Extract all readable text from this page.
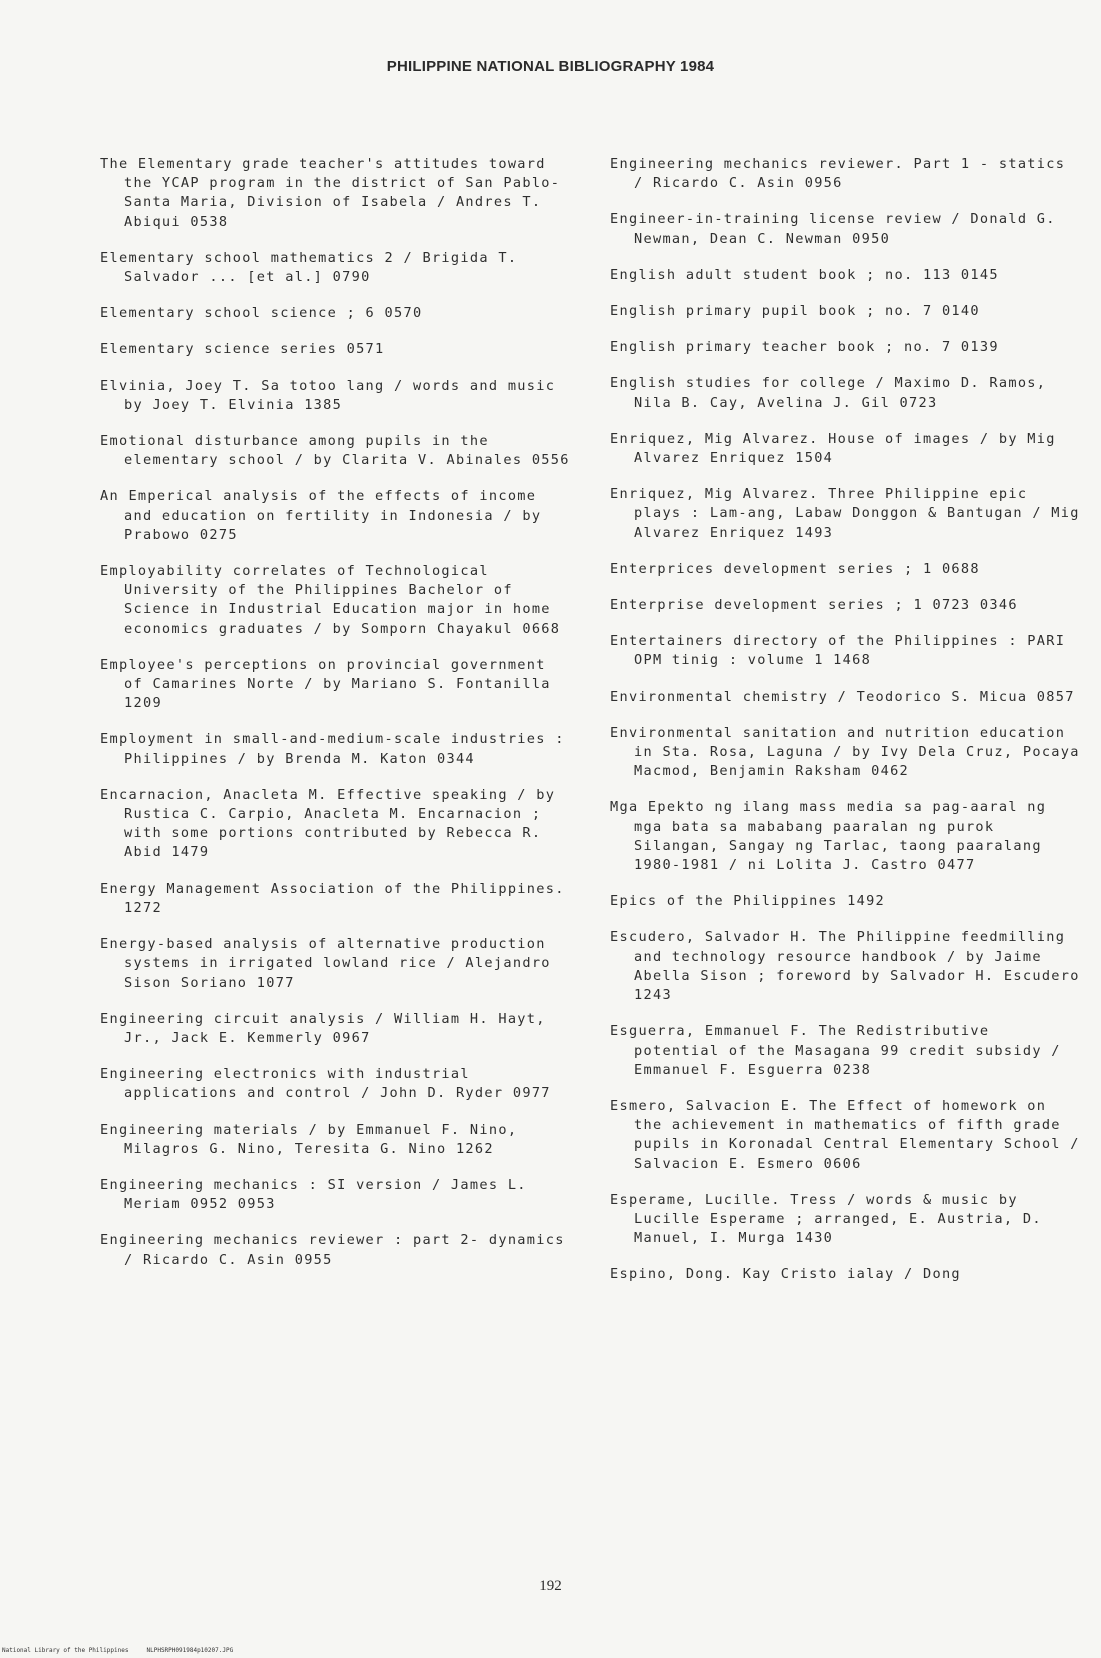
PHILIPPINE NATIONAL BIBLIOGRAPHY 1984
The Elementary grade teacher's attitudes toward the YCAP program in the district of San Pablo-Santa Maria, Division of Isabela / Andres T. Abiqui 0538
Elementary school mathematics 2 / Brigida T. Salvador ... [et al.] 0790
Elementary school science ; 6 0570
Elementary science series 0571
Elvinia, Joey T. Sa totoo lang / words and music by Joey T. Elvinia 1385
Emotional disturbance among pupils in the elementary school / by Clarita V. Abinales 0556
An Emperical analysis of the effects of income and education on fertility in Indonesia / by Prabowo 0275
Employability correlates of Technological University of the Philippines Bachelor of Science in Industrial Education major in home economics graduates / by Somporn Chayakul 0668
Employee's perceptions on provincial government of Camarines Norte / by Mariano S. Fontanilla 1209
Employment in small-and-medium-scale industries : Philippines / by Brenda M. Katon 0344
Encarnacion, Anacleta M. Effective speaking / by Rustica C. Carpio, Anacleta M. Encarnacion ; with some portions contributed by Rebecca R. Abid 1479
Energy Management Association of the Philippines. 1272
Energy-based analysis of alternative production systems in irrigated lowland rice / Alejandro Sison Soriano 1077
Engineering circuit analysis / William H. Hayt, Jr., Jack E. Kemmerly 0967
Engineering electronics with industrial applications and control / John D. Ryder 0977
Engineering materials / by Emmanuel F. Nino, Milagros G. Nino, Teresita G. Nino 1262
Engineering mechanics : SI version / James L. Meriam 0952 0953
Engineering mechanics reviewer : part 2- dynamics / Ricardo C. Asin 0955
Engineering mechanics reviewer. Part 1 - statics / Ricardo C. Asin 0956
Engineer-in-training license review / Donald G. Newman, Dean C. Newman 0950
English adult student book ; no. 113 0145
English primary pupil book ; no. 7 0140
English primary teacher book ; no. 7 0139
English studies for college / Maximo D. Ramos, Nila B. Cay, Avelina J. Gil 0723
Enriquez, Mig Alvarez. House of images / by Mig Alvarez Enriquez 1504
Enriquez, Mig Alvarez. Three Philippine epic plays : Lam-ang, Labaw Donggon & Bantugan / Mig Alvarez Enriquez 1493
Enterprices development series ; 1 0688
Enterprise development series ; 1 0723 0346
Entertainers directory of the Philippines : PARI OPM tinig : volume 1 1468
Environmental chemistry / Teodorico S. Micua 0857
Environmental sanitation and nutrition education in Sta. Rosa, Laguna / by Ivy Dela Cruz, Pocaya Macmod, Benjamin Raksham 0462
Mga Epekto ng ilang mass media sa pag-aaral ng mga bata sa mababang paaralan ng purok Silangan, Sangay ng Tarlac, taong paaralang 1980-1981 / ni Lolita J. Castro 0477
Epics of the Philippines 1492
Escudero, Salvador H. The Philippine feedmilling and technology resource handbook / by Jaime Abella Sison ; foreword by Salvador H. Escudero 1243
Esguerra, Emmanuel F. The Redistributive potential of the Masagana 99 credit subsidy / Emmanuel F. Esguerra 0238
Esmero, Salvacion E. The Effect of homework on the achievement in mathematics of fifth grade pupils in Koronadal Central Elementary School / Salvacion E. Esmero 0606
Esperame, Lucille. Tress / words & music by Lucille Esperame ; arranged, E. Austria, D. Manuel, I. Murga 1430
Espino, Dong. Kay Cristo ialay / Dong
192
National Library of the Philippines	NLPHSRPH091984p10207.JPG
